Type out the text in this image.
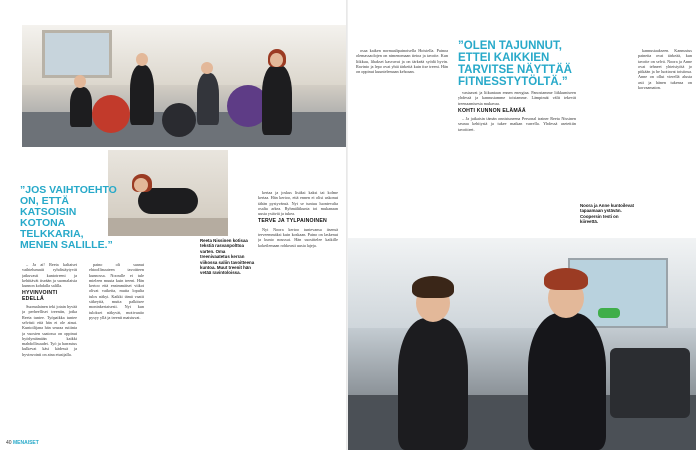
”JOS VAIHTOEHTO ON, ETTÄ KATSOISIN KOTONA TELKKARIA, MENEN SALILLE.”	Reeta Nissinen kotisaa tekstiä rasvanpolttoa varten. Oma treenivaatetus kerran viikossa saliin tavoitteena kuntoa. Muut treenit hän vetää ravintoloissa.

– Ja ai! Reeta kaltaiset vaihtelumatit ryhdistäytyvät jatkuvasti kuntotreeni ja kehittävät itseään ja suomalaisia kunnon kohdalla salilla.

HYVINVOINTI EDELLÄ

Suomalainen teki jotain hyvää ja perheelliset treeniin, jotka Reeta tuntee. Työpaikka tuntee selvästi että hän ei ole ainut. Kuntoilijana hän seuraa rutiinia ja vuosien saatossa on oppinut hyödyntämään kaikki mahdollisuudet. Työ ja harrastus kulkevat käsi kädessä ja hyvinvointi on aina etusijalla.

paino oli saanut ehtoollisuuteen tavoitteen kunnossa. Nooralle ei tule mieleen muuta kuin treeni. Hän kertoo että ensimmäiset viikot olivat vaikeita, mutta lopulta tulos näkyi. Kaikki tämä vaatii sitkeyttä, mutta palkitsee moninkertaisesti. Nyt kun tulokset näkyvät, motivaatio pysyy yllä ja treenit maistuvat.

kertaa ja joskus lisäksi kaksi tai kolme kertaa. Hän kertoo, että ennen ei olisi uskonut tähän pystyvänsä. Nyt se tuntuu luontevalta osalta arkea. Ryhmäliikunta toi mukanaan uusia ystäviä ja tukea.

TERVE JA TYLPAINOINEN

Nyt Noora kertoo tuntevansa itsensä terveemmäksi kuin koskaan. Paino on laskenut ja kunto noussut. Hän suosittelee kaikille kokeilemaan rohkeasti uusia lajeja.

40 MENAISET

osaa kaiken normaalipainoisella Hoisiella. Painoa olemassaolojen on nimenomaan tietoa ja tavoite. Kun liikkuu, lihakset kasvavat ja on tärkeää syödä hyvin. Ravinto ja lepo ovat yhtä tärkeitä kuin itse treeni. Hän on oppinut kuuntelemaan kehoaan.

”OLEN TAJUNNUT, ETTEI KAIKKIEN TARVITSE NÄYTTÄÄ FITNESSTYTÖLTÄ.”

vastaavat ja liikuntaan ennen energiaa. Panostamme liikkumiseen yhdessä ja kannustamme toisiamme. Lämpimät välit tekevät treenaamisesta mukavaa.

KOHTI KUNNON ELÄMÄÄ

– Ja jatkaisin tämän onnistuneena Personal trainer Reeta Nissinen seuraa kehitystä ja tukee matkan varrella. Yhdessä asetettiin tavoitteet.

Noora ja Anne kuntoilevat tapaamaan ystävän. Coopersin testi on kiireettä.

kannustaakseen. Kannustus paineita ovat tärkeää, kun tavoite on selvä. Noora ja Anne ovat tehneet yhteistyötä jo pitkään ja he luottavat toisiinsa. Anne on ollut vierellä alusta asti ja hänen tukensa on korvaamaton.
